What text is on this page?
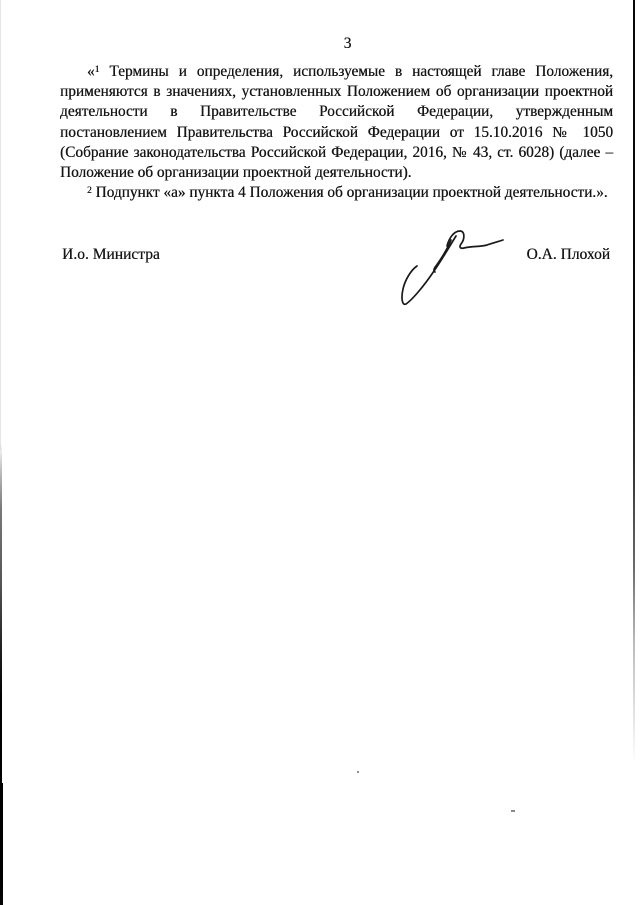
3
«$^1$ Термины и определения, используемые в настоящей главе Положения,
применяются в значениях, установленных Положением об организации проектной
деятельности в Правительстве Российской Федерации, утвержденным
постановлением Правительства Российской Федерации от 15.10.2016 № 1050
(Собрание законодательства Российской Федерации, 2016, № 43, ст. 6028) (далее –
Положение об организации проектной деятельности).
$^2$ Подпункт «а» пункта 4 Положения об организации проектной деятельности.».
И.о. Министра	О.А. Плохой
